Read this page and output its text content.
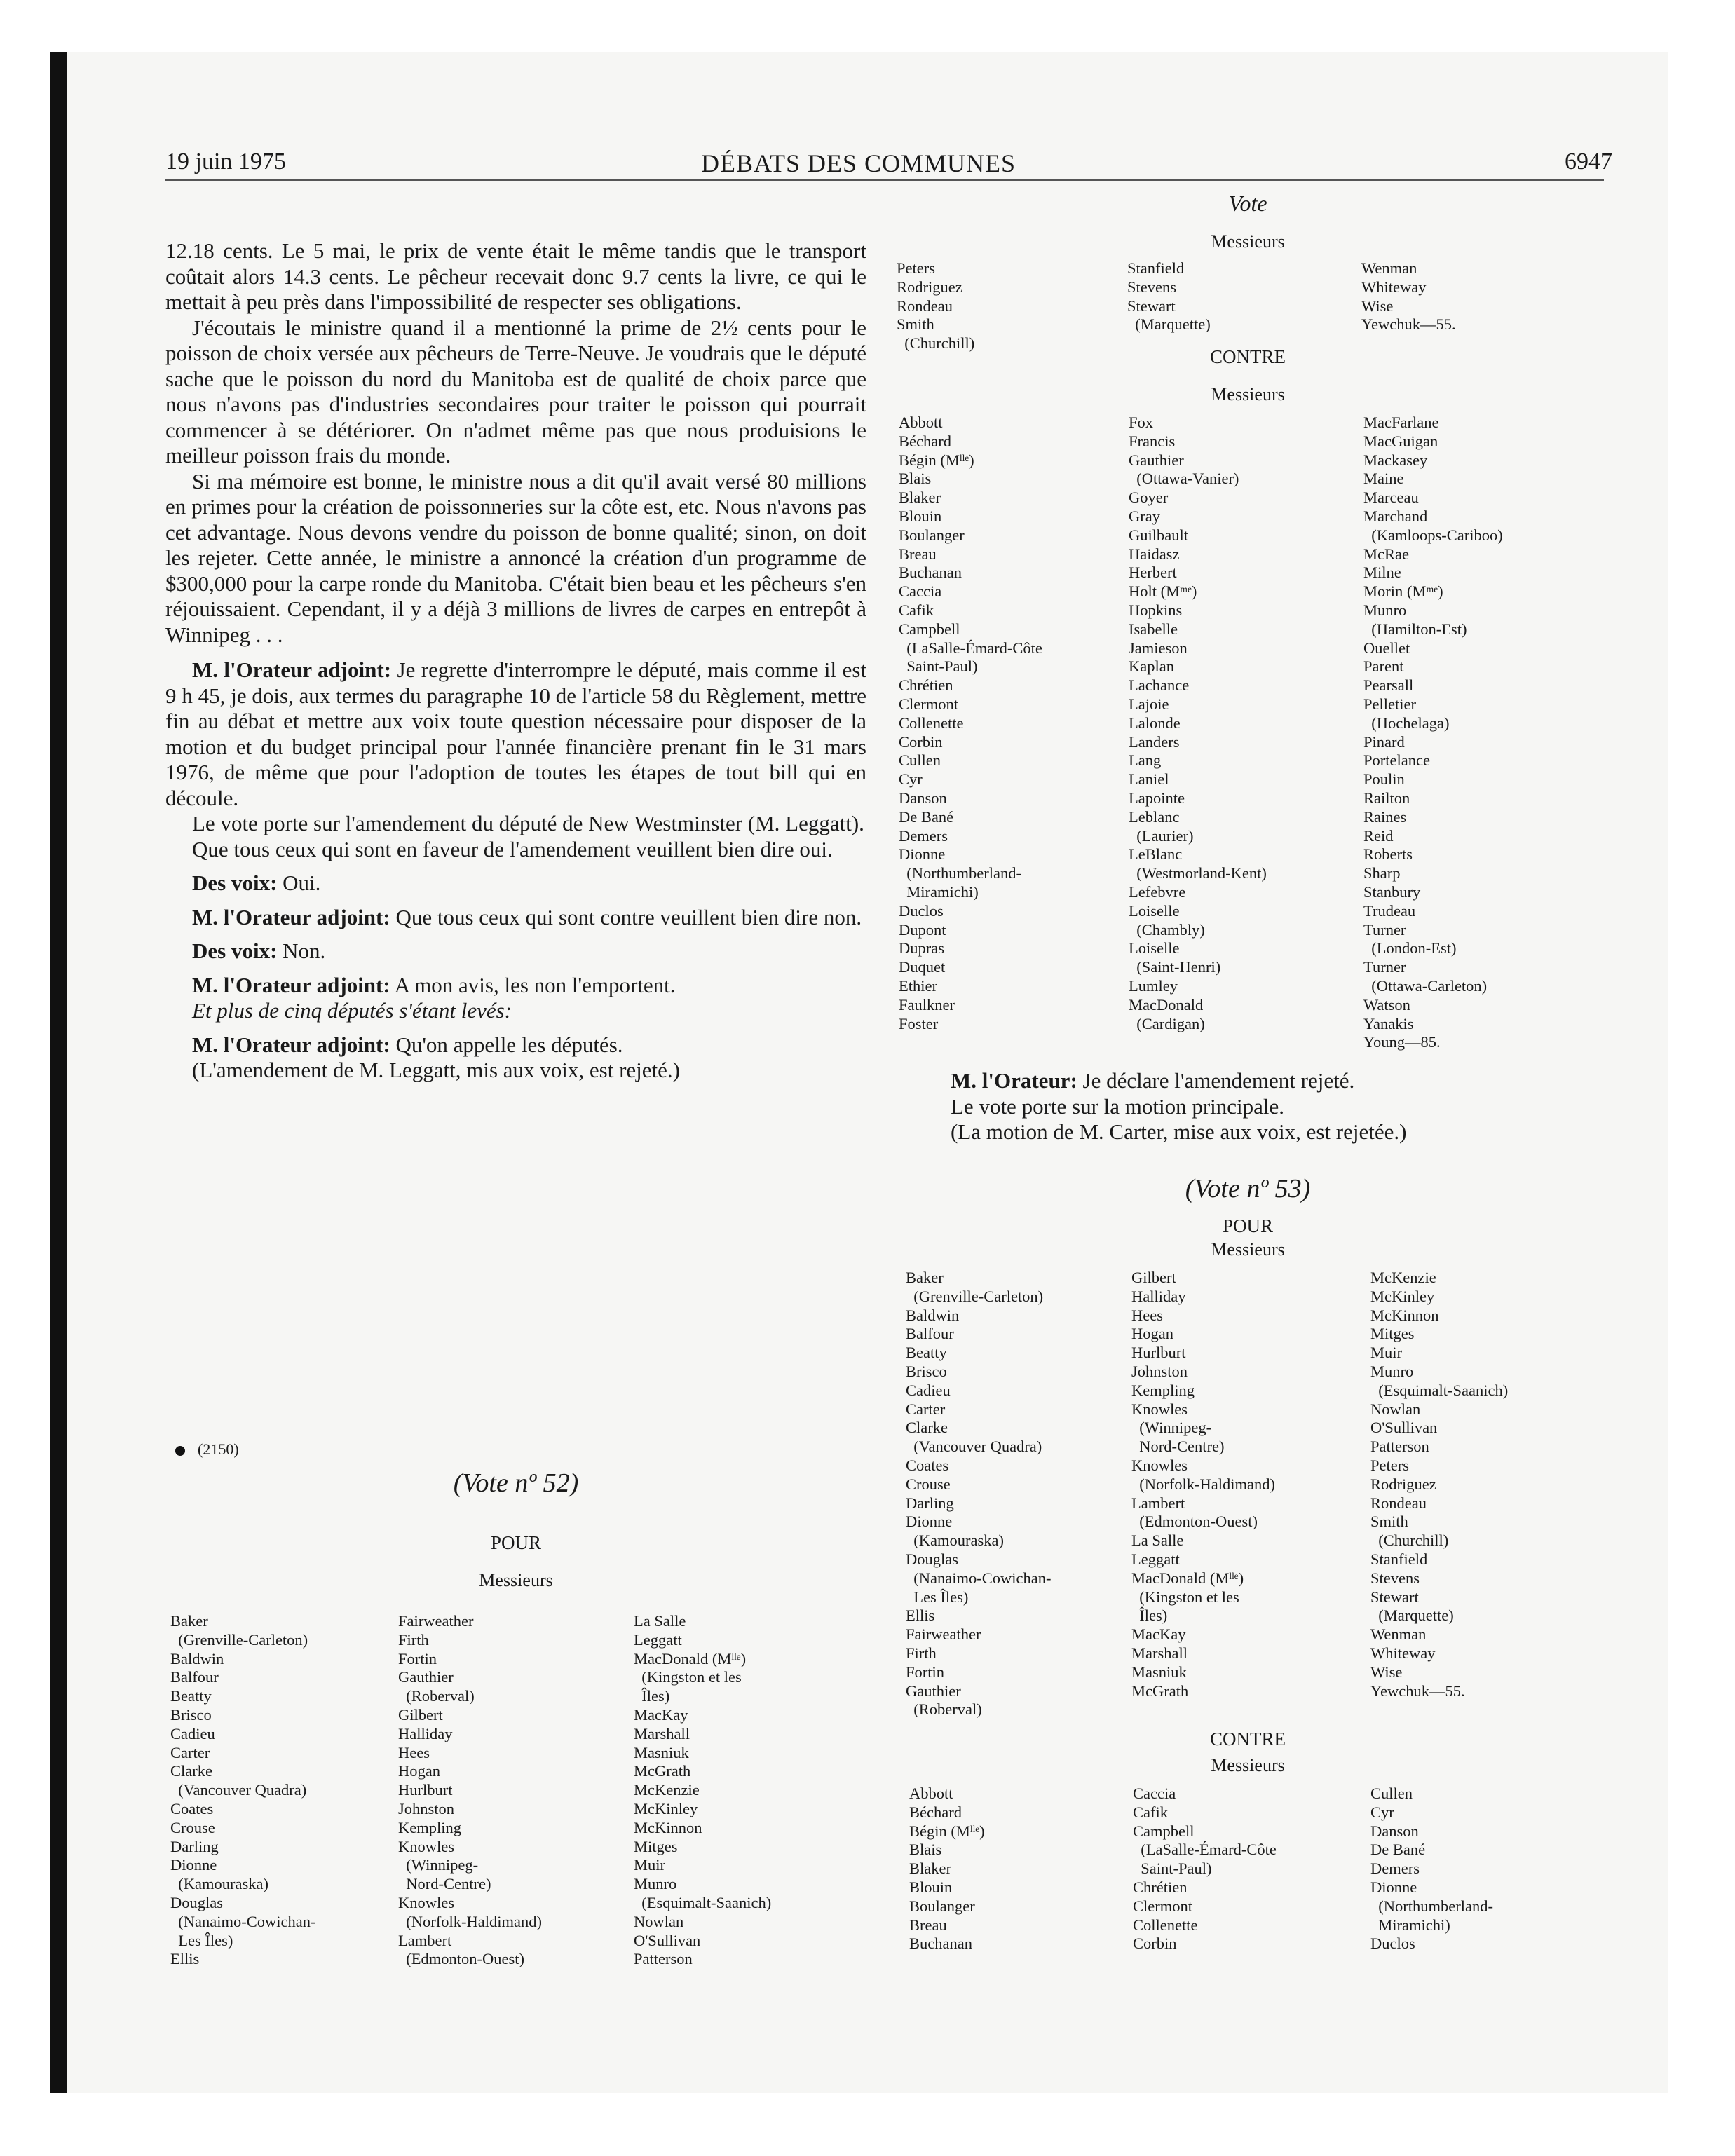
19 juin 1975	DÉBATS DES COMMUNES	6947

12.18 cents. Le 5 mai, le prix de vente était le même tandis que le transport coûtait alors 14.3 cents. Le pêcheur recevait donc 9.7 cents la livre, ce qui le mettait à peu près dans l'impossibilité de respecter ses obligations.

J'écoutais le ministre quand il a mentionné la prime de 2½ cents pour le poisson de choix versée aux pêcheurs de Terre-Neuve. Je voudrais que le député sache que le poisson du nord du Manitoba est de qualité de choix parce que nous n'avons pas d'industries secondaires pour traiter le poisson qui pourrait commencer à se détériorer. On n'admet même pas que nous produisions le meilleur poisson frais du monde.

Si ma mémoire est bonne, le ministre nous a dit qu'il avait versé 80 millions en primes pour la création de poissonneries sur la côte est, etc. Nous n'avons pas cet advantage. Nous devons vendre du poisson de bonne qualité; sinon, on doit les rejeter. Cette année, le ministre a annoncé la création d'un programme de $300,000 pour la carpe ronde du Manitoba. C'était bien beau et les pêcheurs s'en réjouissaient. Cependant, il y a déjà 3 millions de livres de carpes en entrepôt à Winnipeg . . .

M. l'Orateur adjoint: Je regrette d'interrompre le député, mais comme il est 9 h 45, je dois, aux termes du paragraphe 10 de l'article 58 du Règlement, mettre fin au débat et mettre aux voix toute question nécessaire pour disposer de la motion et du budget principal pour l'année financière prenant fin le 31 mars 1976, de même que pour l'adoption de toutes les étapes de tout bill qui en découle.

Le vote porte sur l'amendement du député de New Westminster (M. Leggatt).

Que tous ceux qui sont en faveur de l'amendement veuillent bien dire oui.

Des voix: Oui.

M. l'Orateur adjoint: Que tous ceux qui sont contre veuillent bien dire non.

Des voix: Non.

M. l'Orateur adjoint: A mon avis, les non l'emportent.

Et plus de cinq députés s'étant levés:

M. l'Orateur adjoint: Qu'on appelle les députés.

(L'amendement de M. Leggatt, mis aux voix, est rejeté.)

(2150)
(Vote nº 52)
POUR
Messieurs
Baker
(Grenville-Carleton)
Baldwin
Balfour
Beatty
Brisco
Cadieu
Carter
Clarke
(Vancouver Quadra)
Coates
Crouse
Darling
Dionne
(Kamouraska)
Douglas
(Nanaimo-Cowichan-
Les Îles)
Ellis
Fairweather
Firth
Fortin
Gauthier
(Roberval)
Gilbert
Halliday
Hees
Hogan
Hurlburt
Johnston
Kempling
Knowles
(Winnipeg-
Nord-Centre)
Knowles
(Norfolk-Haldimand)
Lambert
(Edmonton-Ouest)
La Salle
Leggatt
MacDonald (Mˡˡᵉ)
(Kingston et les
Îles)
MacKay
Marshall
Masniuk
McGrath
McKenzie
McKinley
McKinnon
Mitges
Muir
Munro
(Esquimalt-Saanich)
Nowlan
O'Sullivan
Patterson
Vote
Messieurs
Peters
Rodriguez
Rondeau
Smith
(Churchill)
Stanfield
Stevens
Stewart
(Marquette)
Wenman
Whiteway
Wise
Yewchuk—55.
CONTRE
Messieurs
Abbott
Béchard
Bégin (Mˡˡᵉ)
Blais
Blaker
Blouin
Boulanger
Breau
Buchanan
Caccia
Cafik
Campbell
(LaSalle-Émard-Côte
Saint-Paul)
Chrétien
Clermont
Collenette
Corbin
Cullen
Cyr
Danson
De Bané
Demers
Dionne
(Northumberland-
Miramichi)
Duclos
Dupont
Dupras
Duquet
Ethier
Faulkner
Foster
Fox
Francis
Gauthier
(Ottawa-Vanier)
Goyer
Gray
Guilbault
Haidasz
Herbert
Holt (Mᵐᵉ)
Hopkins
Isabelle
Jamieson
Kaplan
Lachance
Lajoie
Lalonde
Landers
Lang
Laniel
Lapointe
Leblanc
(Laurier)
LeBlanc
(Westmorland-Kent)
Lefebvre
Loiselle
(Chambly)
Loiselle
(Saint-Henri)
Lumley
MacDonald
(Cardigan)
MacFarlane
MacGuigan
Mackasey
Maine
Marceau
Marchand
(Kamloops-Cariboo)
McRae
Milne
Morin (Mᵐᵉ)
Munro
(Hamilton-Est)
Ouellet
Parent
Pearsall
Pelletier
(Hochelaga)
Pinard
Portelance
Poulin
Railton
Raines
Reid
Roberts
Sharp
Stanbury
Trudeau
Turner
(London-Est)
Turner
(Ottawa-Carleton)
Watson
Yanakis
Young—85.

M. l'Orateur: Je déclare l'amendement rejeté.

Le vote porte sur la motion principale.

(La motion de M. Carter, mise aux voix, est rejetée.)

(Vote nº 53)
POUR
Messieurs
Baker
(Grenville-Carleton)
Baldwin
Balfour
Beatty
Brisco
Cadieu
Carter
Clarke
(Vancouver Quadra)
Coates
Crouse
Darling
Dionne
(Kamouraska)
Douglas
(Nanaimo-Cowichan-
Les Îles)
Ellis
Fairweather
Firth
Fortin
Gauthier
(Roberval)
Gilbert
Halliday
Hees
Hogan
Hurlburt
Johnston
Kempling
Knowles
(Winnipeg-
Nord-Centre)
Knowles
(Norfolk-Haldimand)
Lambert
(Edmonton-Ouest)
La Salle
Leggatt
MacDonald (Mˡˡᵉ)
(Kingston et les
Îles)
MacKay
Marshall
Masniuk
McGrath
McKenzie
McKinley
McKinnon
Mitges
Muir
Munro
(Esquimalt-Saanich)
Nowlan
O'Sullivan
Patterson
Peters
Rodriguez
Rondeau
Smith
(Churchill)
Stanfield
Stevens
Stewart
(Marquette)
Wenman
Whiteway
Wise
Yewchuk—55.
CONTRE
Messieurs
Abbott
Béchard
Bégin (Mˡˡᵉ)
Blais
Blaker
Blouin
Boulanger
Breau
Buchanan
Caccia
Cafik
Campbell
(LaSalle-Émard-Côte
Saint-Paul)
Chrétien
Clermont
Collenette
Corbin
Cullen
Cyr
Danson
De Bané
Demers
Dionne
(Northumberland-
Miramichi)
Duclos
